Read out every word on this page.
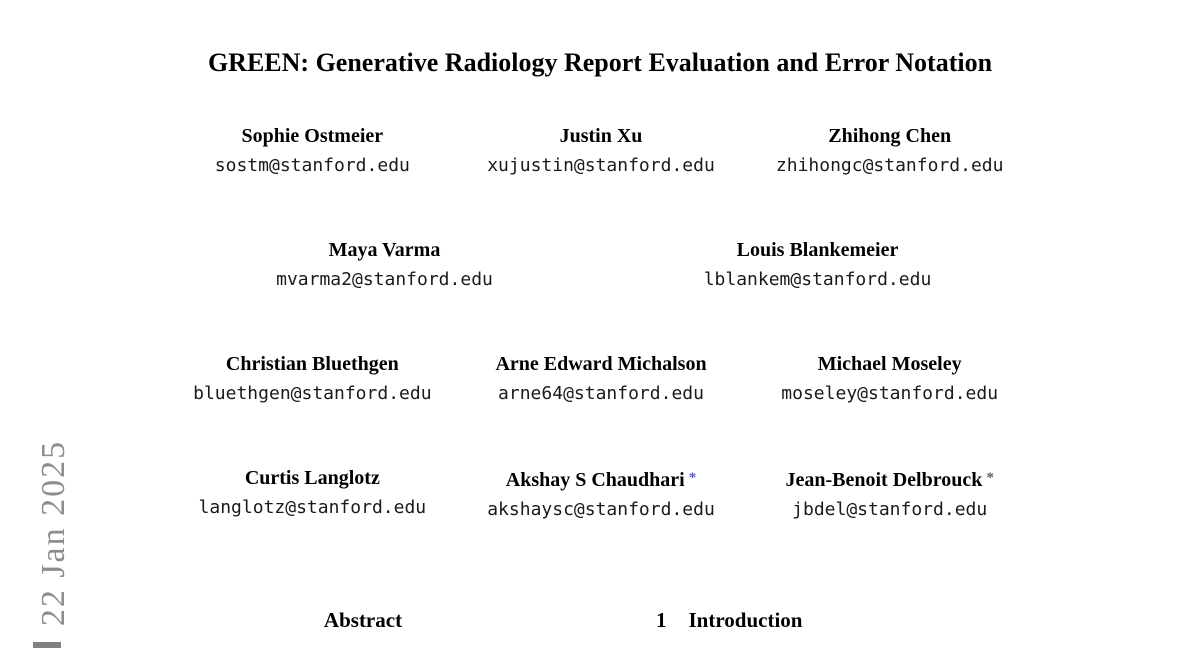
22 Jan 2025
GREEN: Generative Radiology Report Evaluation and Error Notation
Sophie Ostmeier
sostm@stanford.edu
Justin Xu
xujustin@stanford.edu
Zhihong Chen
zhihongc@stanford.edu
Maya Varma
mvarma2@stanford.edu
Louis Blankemeier
lblankem@stanford.edu
Christian Bluethgen
bluethgen@stanford.edu
Arne Edward Michalson
arne64@stanford.edu
Michael Moseley
moseley@stanford.edu
Curtis Langlotz
langlotz@stanford.edu
Akshay S Chaudhari *
akshaysc@stanford.edu
Jean-Benoit Delbrouck *
jbdel@stanford.edu
Abstract	1 Introduction
